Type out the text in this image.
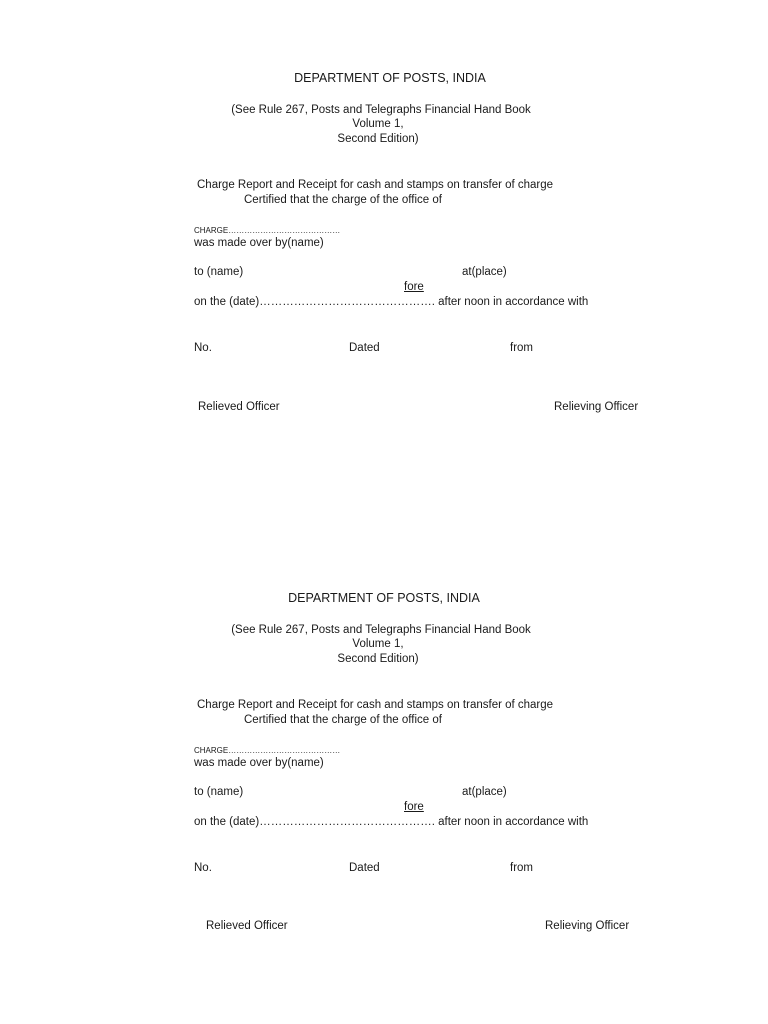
DEPARTMENT OF POSTS, INDIA
(See Rule 267, Posts and Telegraphs Financial Hand Book
Volume 1,
Second Edition)
Charge Report and Receipt for cash and stamps on transfer of charge
Certified that the charge of the office of
CHARGE……………………………………
was made over by(name)
to (name)	at(place)
fore
on the (date)………………………………………. after noon in accordance with
No.	Dated	from
Relieved Officer	Relieving Officer
DEPARTMENT OF POSTS, INDIA
(See Rule 267, Posts and Telegraphs Financial Hand Book
Volume 1,
Second Edition)
Charge Report and Receipt for cash and stamps on transfer of charge
Certified that the charge of the office of
CHARGE……………………………………
was made over by(name)
to (name)	at(place)
fore
on the (date)………………………………………. after noon in accordance with
No.	Dated	from
Relieved Officer	Relieving Officer
